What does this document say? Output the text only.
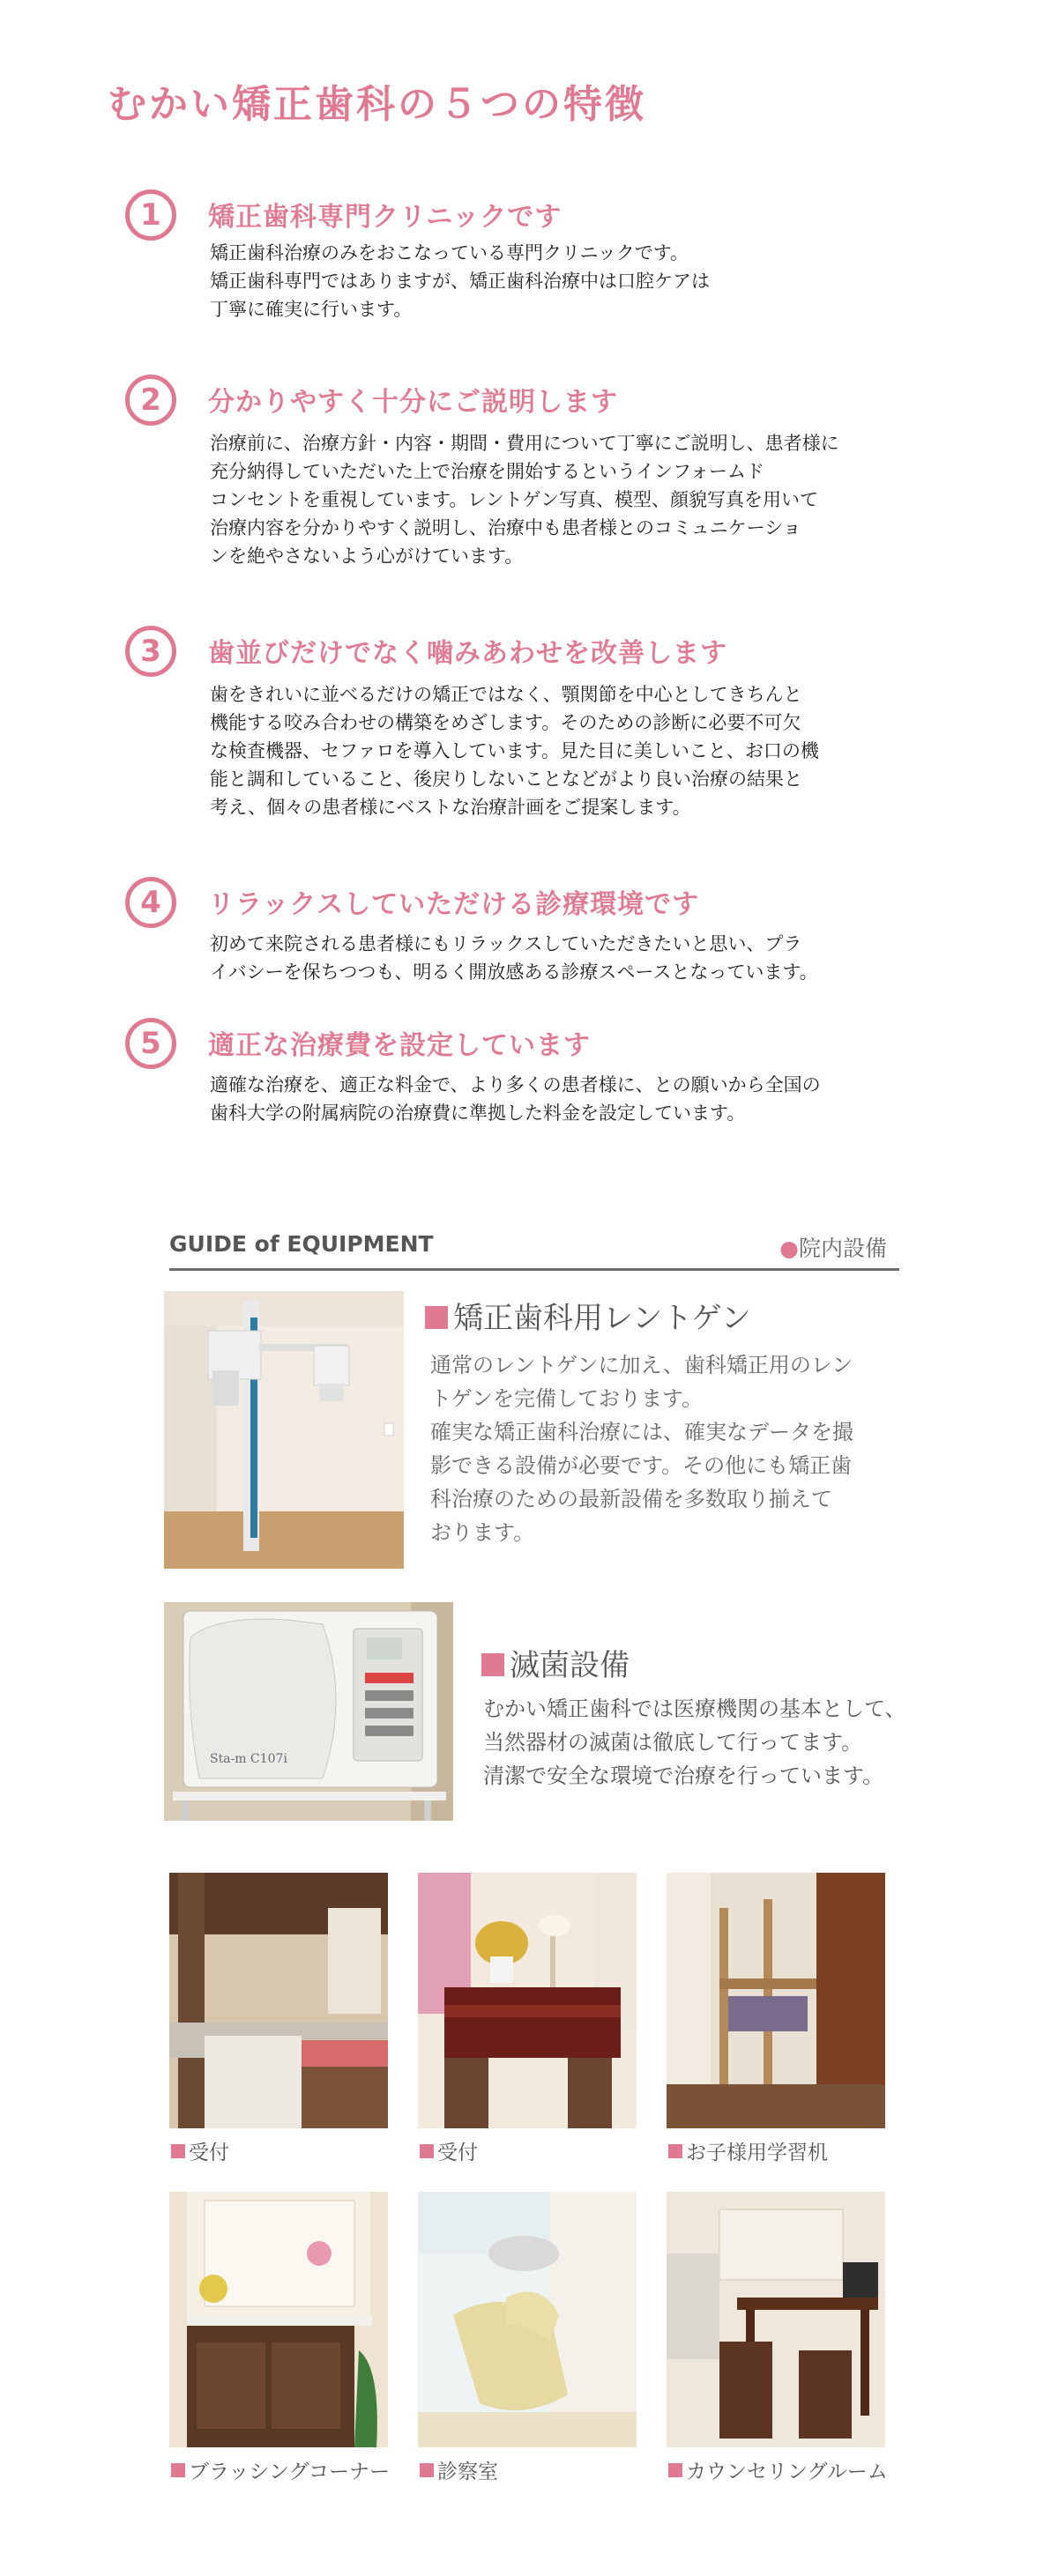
むかい矯正歯科の５つの特徴
1	矯正歯科専門クリニックです
矯正歯科治療のみをおこなっている専門クリニックです。
矯正歯科専門ではありますが、矯正歯科治療中は口腔ケアは
丁寧に確実に行います。
2	分かりやすく十分にご説明します
治療前に、治療方針・内容・期間・費用について丁寧にご説明し、患者様に
充分納得していただいた上で治療を開始するというインフォームド
コンセントを重視しています。レントゲン写真、模型、顔貌写真を用いて
治療内容を分かりやすく説明し、治療中も患者様とのコミュニケーショ
ンを絶やさないよう心がけています。
3	歯並びだけでなく噛みあわせを改善します
歯をきれいに並べるだけの矯正ではなく、顎関節を中心としてきちんと
機能する咬み合わせの構築をめざします。そのための診断に必要不可欠
な検査機器、セファロを導入しています。見た目に美しいこと、お口の機
能と調和していること、後戻りしないことなどがより良い治療の結果と
考え、個々の患者様にベストな治療計画をご提案します。
4	リラックスしていただける診療環境です
初めて来院される患者様にもリラックスしていただきたいと思い、プラ
イバシーを保ちつつも、明るく開放感ある診療スペースとなっています。
5	適正な治療費を設定しています
適確な治療を、適正な料金で、より多くの患者様に、との願いから全国の
歯科大学の附属病院の治療費に準拠した料金を設定しています。
GUIDE of EQUIPMENT	●院内設備
矯正歯科用レントゲン
通常のレントゲンに加え、歯科矯正用のレン
トゲンを完備しております。
確実な矯正歯科治療には、確実なデータを撮
影できる設備が必要です。その他にも矯正歯
科治療のための最新設備を多数取り揃えて
おります。
Sta-m C107i
滅菌設備
むかい矯正歯科では医療機関の基本として、
当然器材の滅菌は徹底して行ってます。
清潔で安全な環境で治療を行っています。
受付	受付	お子様用学習机
ブラッシングコーナー	診察室	カウンセリングルーム
